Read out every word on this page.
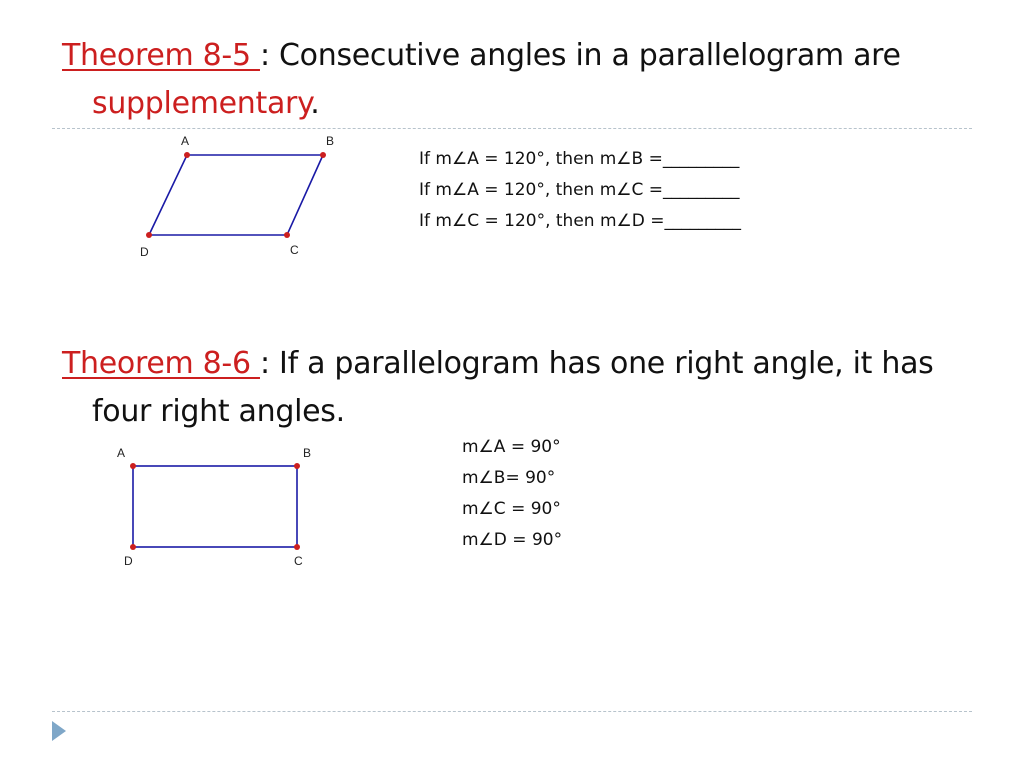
Theorem 8-5 : Consecutive angles in a parallelogram are
supplementary.
A	B
C
D
If m∠A = 120°, then m∠B =_________
If m∠A = 120°, then m∠C =_________
If m∠C = 120°, then m∠D =_________
Theorem 8-6 : If a parallelogram has one right angle, it has
four right angles.
A	B
C
D
m∠A = 90°
m∠B= 90°
m∠C = 90°
m∠D = 90°
